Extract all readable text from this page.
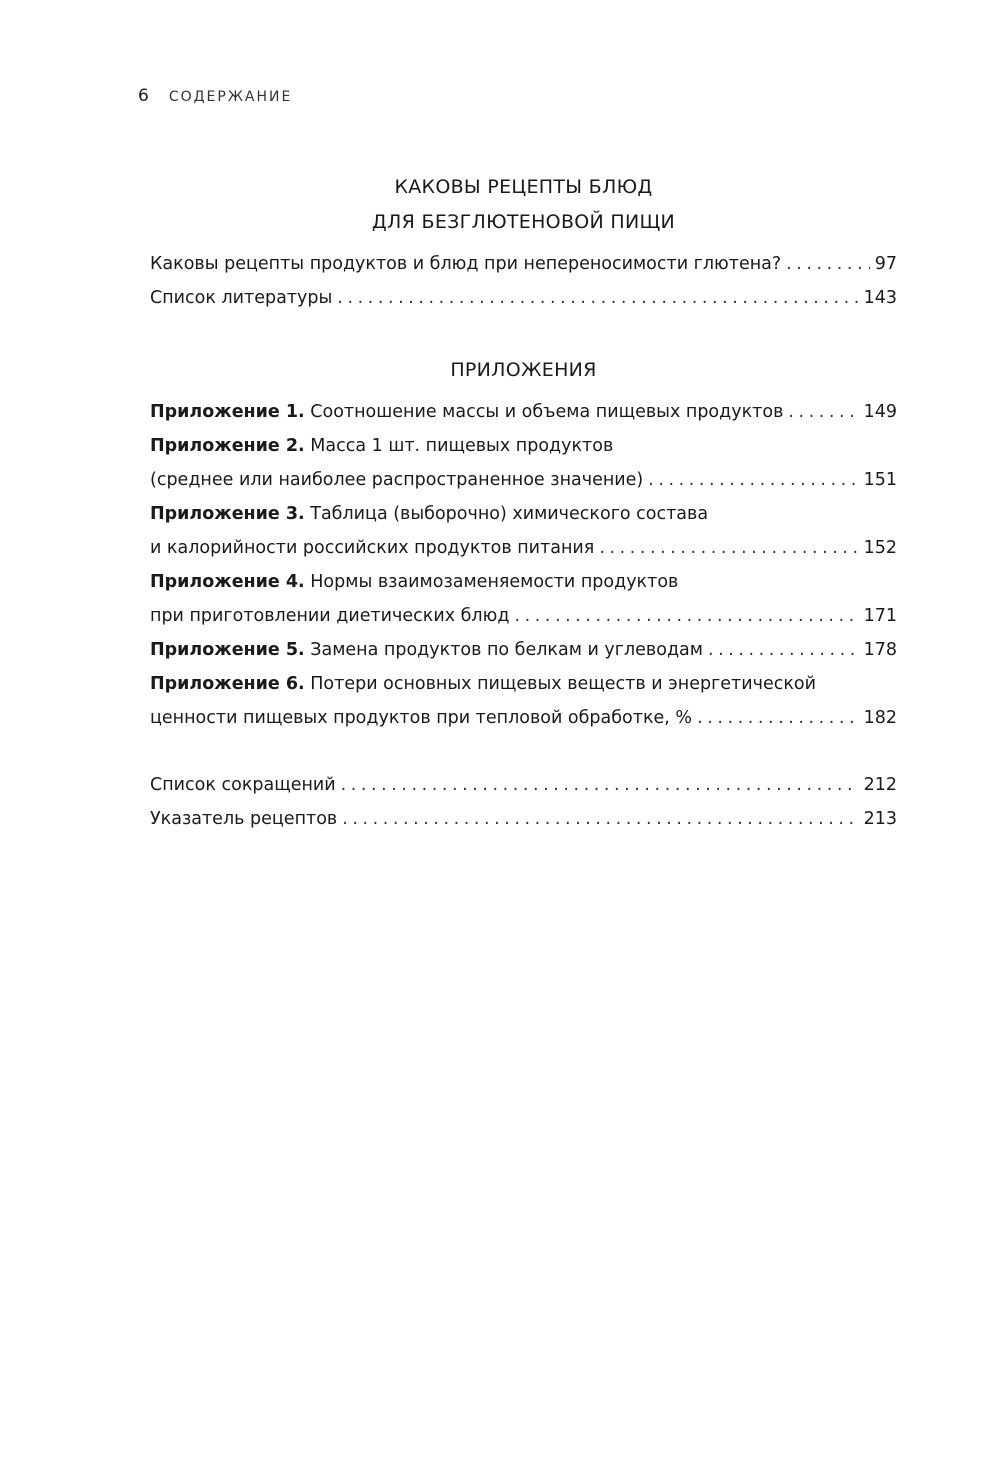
6 СОДЕРЖАНИЕ
КАКОВЫ РЕЦЕПТЫ БЛЮД
ДЛЯ БЕЗГЛЮТЕНОВОЙ ПИЩИ
Каковы рецепты продуктов и блюд при непереносимости глютена? . . .	97
Список литературы . . .	143
ПРИЛОЖЕНИЯ
Приложение 1. Соотношение массы и объема пищевых продуктов . . .	149
Приложение 2. Масса 1 шт. пищевых продуктов
(среднее или наиболее распространенное значение) . . .	151
Приложение 3. Таблица (выборочно) химического состава
и калорийности российских продуктов питания . . .	152
Приложение 4. Нормы взаимозаменяемости продуктов
при приготовлении диетических блюд . . .	171
Приложение 5. Замена продуктов по белкам и углеводам . . .	178
Приложение 6. Потери основных пищевых веществ и энергетической
ценности пищевых продуктов при тепловой обработке, % . . .	182
Список сокращений . . .	212
Указатель рецептов . . .	213
